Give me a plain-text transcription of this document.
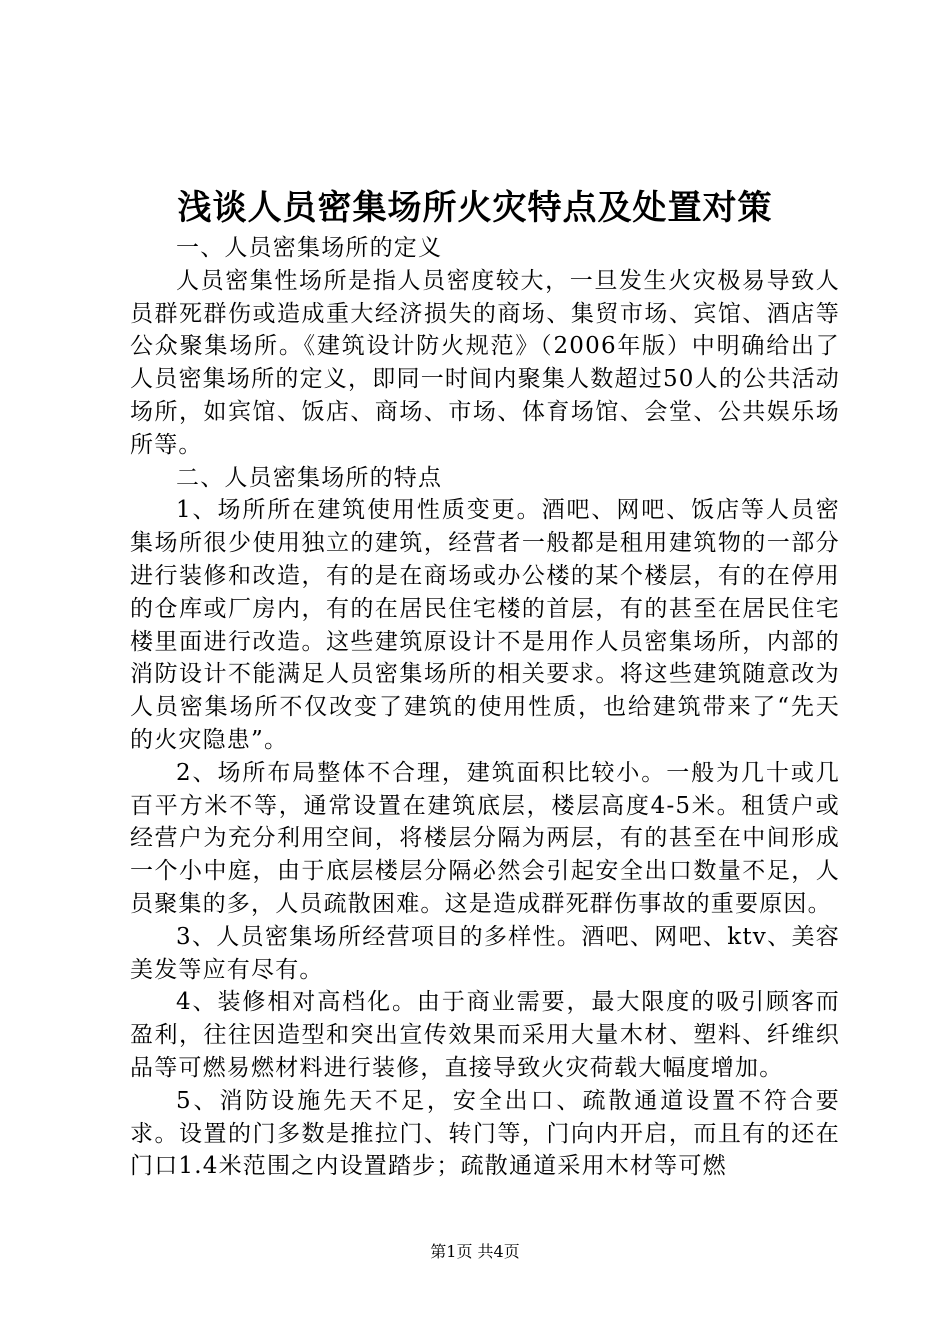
浅谈人员密集场所火灾特点及处置对策

一、人员密集场所的定义

人员密集性场所是指人员密度较大，一旦发生火灾极易导致人员群死群伤或造成重大经济损失的商场、集贸市场、宾馆、酒店等公众聚集场所。《建筑设计防火规范》（2006年版）中明确给出了人员密集场所的定义，即同一时间内聚集人数超过50人的公共活动场所，如宾馆、饭店、商场、市场、体育场馆、会堂、公共娱乐场所等。

二、人员密集场所的特点

1、场所所在建筑使用性质变更。酒吧、网吧、饭店等人员密集场所很少使用独立的建筑，经营者一般都是租用建筑物的一部分进行装修和改造，有的是在商场或办公楼的某个楼层，有的在停用的仓库或厂房内，有的在居民住宅楼的首层，有的甚至在居民住宅楼里面进行改造。这些建筑原设计不是用作人员密集场所，内部的消防设计不能满足人员密集场所的相关要求。将这些建筑随意改为人员密集场所不仅改变了建筑的使用性质，也给建筑带来了“先天的火灾隐患”。

2、场所布局整体不合理，建筑面积比较小。一般为几十或几百平方米不等，通常设置在建筑底层，楼层高度4-5米。租赁户或经营户为充分利用空间，将楼层分隔为两层，有的甚至在中间形成一个小中庭，由于底层楼层分隔必然会引起安全出口数量不足，人员聚集的多，人员疏散困难。这是造成群死群伤事故的重要原因。

3、人员密集场所经营项目的多样性。酒吧、网吧、ktv、美容美发等应有尽有。

4、装修相对高档化。由于商业需要，最大限度的吸引顾客而盈利，往往因造型和突出宣传效果而采用大量木材、塑料、纤维织品等可燃易燃材料进行装修，直接导致火灾荷载大幅度增加。

5、消防设施先天不足，安全出口、疏散通道设置不符合要求。设置的门多数是推拉门、转门等，门向内开启，而且有的还在门口1.4米范围之内设置踏步；疏散通道采用木材等可燃

第1页 共4页
